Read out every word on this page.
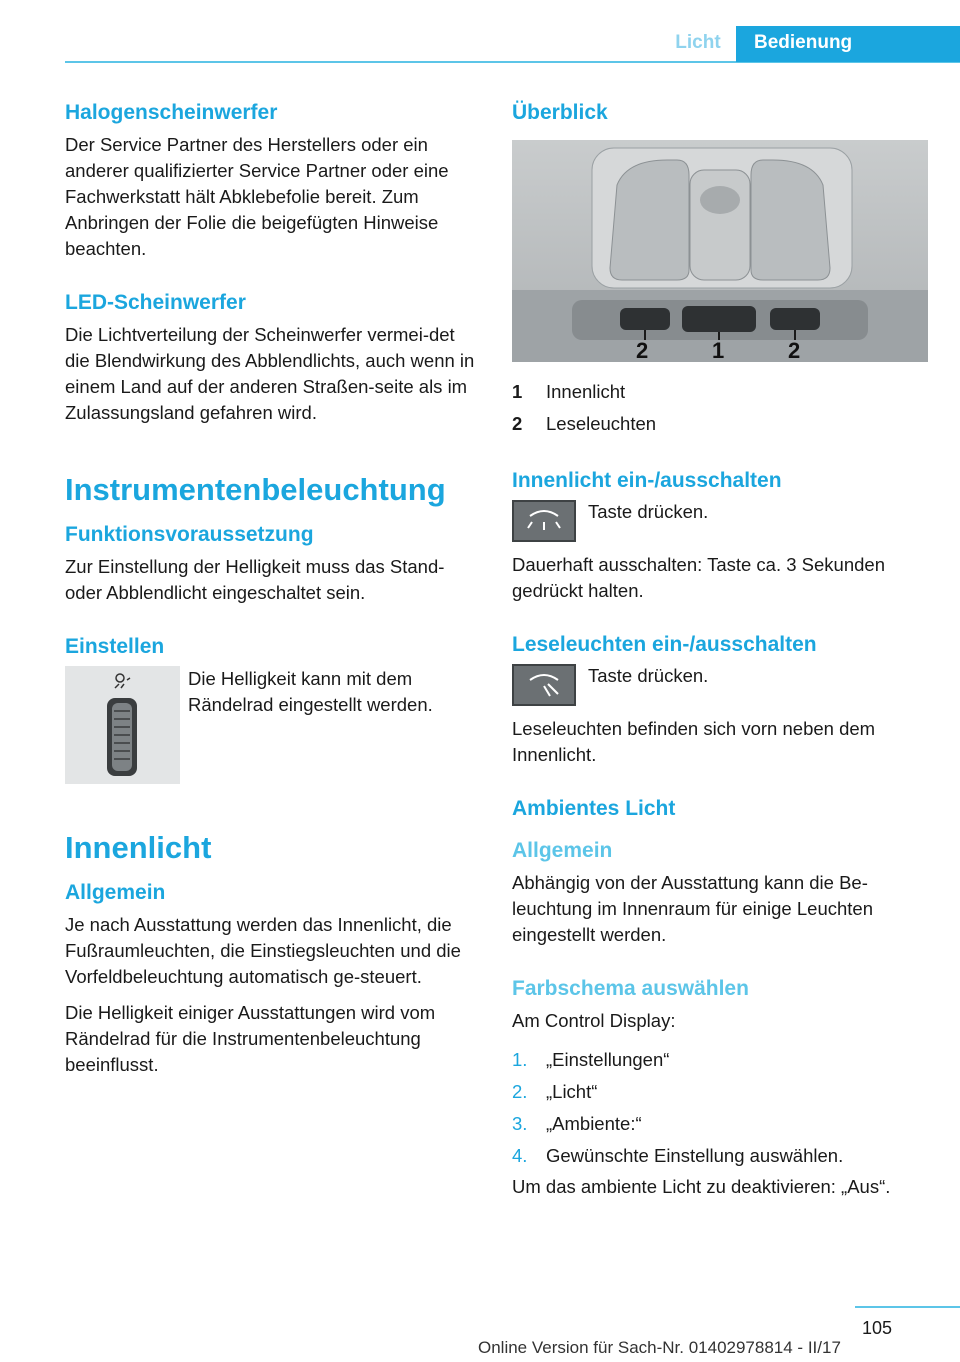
Licht	Bedienung
Halogenscheinwerfer
Der Service Partner des Herstellers oder ein anderer qualifizierter Service Partner oder eine Fachwerkstatt hält Abklebefolie bereit. Zum Anbringen der Folie die beigefügten Hinweise beachten.
LED-Scheinwerfer
Die Lichtverteilung der Scheinwerfer vermei-det die Blendwirkung des Abblendlichts, auch wenn in einem Land auf der anderen Straßen-seite als im Zulassungsland gefahren wird.
Instrumentenbeleuchtung
Funktionsvoraussetzung
Zur Einstellung der Helligkeit muss das Stand-oder Abblendlicht eingeschaltet sein.
Einstellen
Die Helligkeit kann mit dem Rändelrad eingestellt werden.
Innenlicht
Allgemein
Je nach Ausstattung werden das Innenlicht, die Fußraumleuchten, die Einstiegsleuchten und die Vorfeldbeleuchtung automatisch ge-steuert.
Die Helligkeit einiger Ausstattungen wird vom Rändelrad für die Instrumentenbeleuchtung beeinflusst.
Überblick
2	1	2
1	Innenlicht
2	Leseleuchten
Innenlicht ein-/ausschalten
Taste drücken.
Dauerhaft ausschalten: Taste ca. 3 Sekunden gedrückt halten.
Leseleuchten ein-/ausschalten
Taste drücken.
Leseleuchten befinden sich vorn neben dem Innenlicht.
Ambientes Licht
Allgemein
Abhängig von der Ausstattung kann die Be-leuchtung im Innenraum für einige Leuchten eingestellt werden.
Farbschema auswählen
Am Control Display:
1.	„Einstellungen“
2.	„Licht“
3.	„Ambiente:“
4.	Gewünschte Einstellung auswählen.
Um das ambiente Licht zu deaktivieren: „Aus“.
105
Online Version für Sach-Nr. 01402978814 - II/17
